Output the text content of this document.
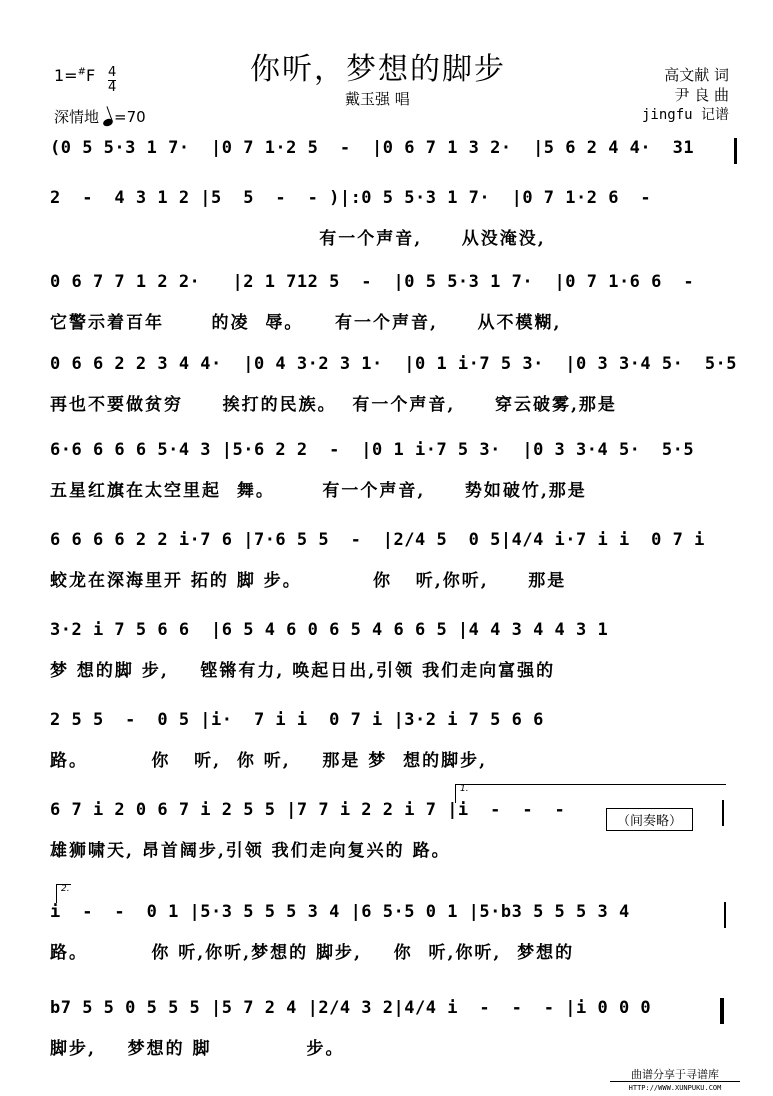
你听，梦想的脚步
戴玉强 唱
1=#F 4
4
深情地 =70
高文献 词
尹 良 曲
jingfu 记谱
(0 5 5·3 1 7·  |0 7 1·2 5  -  |0 6 7 1 3 2·  |5 6 2 4 4·  31
2  -  4 3 1 2 |5  5  -  - )|:0 5 5·3 1 7·  |0 7 1·2 6  -
有一个声音,     从没淹没,
0 6 7 7 1 2 2·   |2 1 712 5  -  |0 5 5·3 1 7·  |0 7 1·6 6  -
它警示着百年      的凌  辱。    有一个声音,     从不模糊,
0 6 6 2 2 3 4 4·  |0 4 3·2 3 1·  |0 1 i·7 5 3·  |0 3 3·4 5·  5·5
再也不要做贫穷     挨打的民族。  有一个声音,     穿云破雾,那是
6·6 6 6 6 5·4 3 |5·6 2 2  -  |0 1 i·7 5 3·  |0 3 3·4 5·  5·5
五星红旗在太空里起  舞。      有一个声音,     势如破竹,那是
6 6 6 6 2 2 i·7 6 |7·6 5 5  -  |2/4 5  0 5|4/4 i·7 i i  0 7 i
蛟龙在深海里开 拓的 脚 步。         你   听,你听,     那是
3·2 i 7 5 6 6  |6 5 4 6 0 6 5 4 6 6 5 |4 4 3 4 4 3 1
梦 想的脚 步,    铿锵有力, 唤起日出,引领 我们走向富强的
2 5 5  -  0 5 |i·  7 i i  0 7 i |3·2 i 7 5 6 6
路。        你   听,  你 听,    那是 梦  想的脚步,
6 7 i 2 0 6 7 i 2 5 5 |7 7 i 2 2 i 7 |i  -  -  -
雄狮啸天, 昂首阔步,引领 我们走向复兴的 路。
i  -  -  0 1 |5·3 5 5 5 3 4 |6 5·5 0 1 |5·b3 5 5 5 3 4
路。        你 听,你听,梦想的 脚步,    你  听,你听,  梦想的
b7 5 5 0 5 5 5 |5 7 2 4 |2/4 3 2|4/4 i  -  -  - |i 0 0 0
脚步,    梦想的 脚            步。
1.
2.
（间奏略）
曲谱分享于寻谱库
HTTP://WWW.XUNPUKU.COM
